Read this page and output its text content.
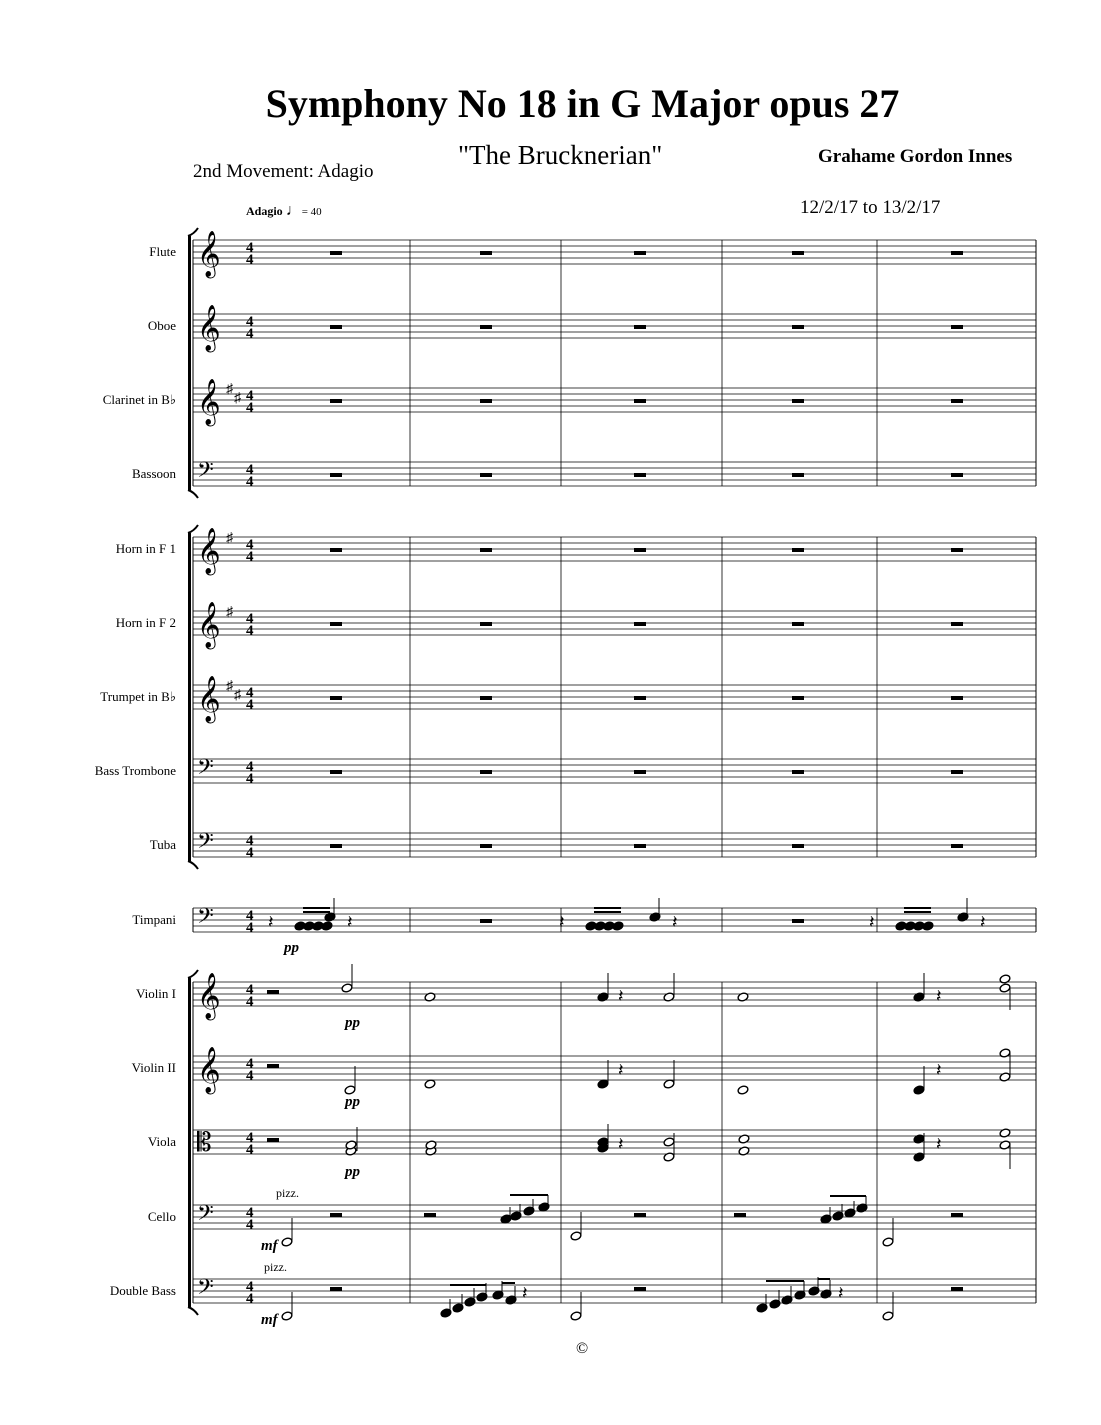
Symphony No 18 in G Major opus 27
"The Brucknerian"	Grahame Gordon Innes
2nd Movement: Adagio
12/2/17 to 13/2/17
Adagio ♩= 40
Flute
Oboe
Clarinet in B♭
Bassoon
Horn in F 1
Horn in F 2
Trumpet in B♭
Bass Trombone
Tuba
Timpani
Violin I
Violin II
Viola
Cello
Double Bass
pp
pp
pp
pp
mf
mf
pizz.
pizz.
©
𝄞 4
4
𝄞 4
4
𝄞 4
4
♯
♯
𝄢 4
4
𝄞 4
4
♯
𝄞 4
4
♯
𝄞 4
4
♯
♯
𝄢 4
4
𝄢 4
4
𝄢 4
4
𝄞 4
4
𝄞 4
4
𝄡 4
4
𝄢 4
4
𝄢 4
4
𝄽	𝄽	𝄽	𝄽	𝄽	𝄽
𝄽	𝄽
𝄽	𝄽
𝄽	𝄽
𝄽	𝄽
